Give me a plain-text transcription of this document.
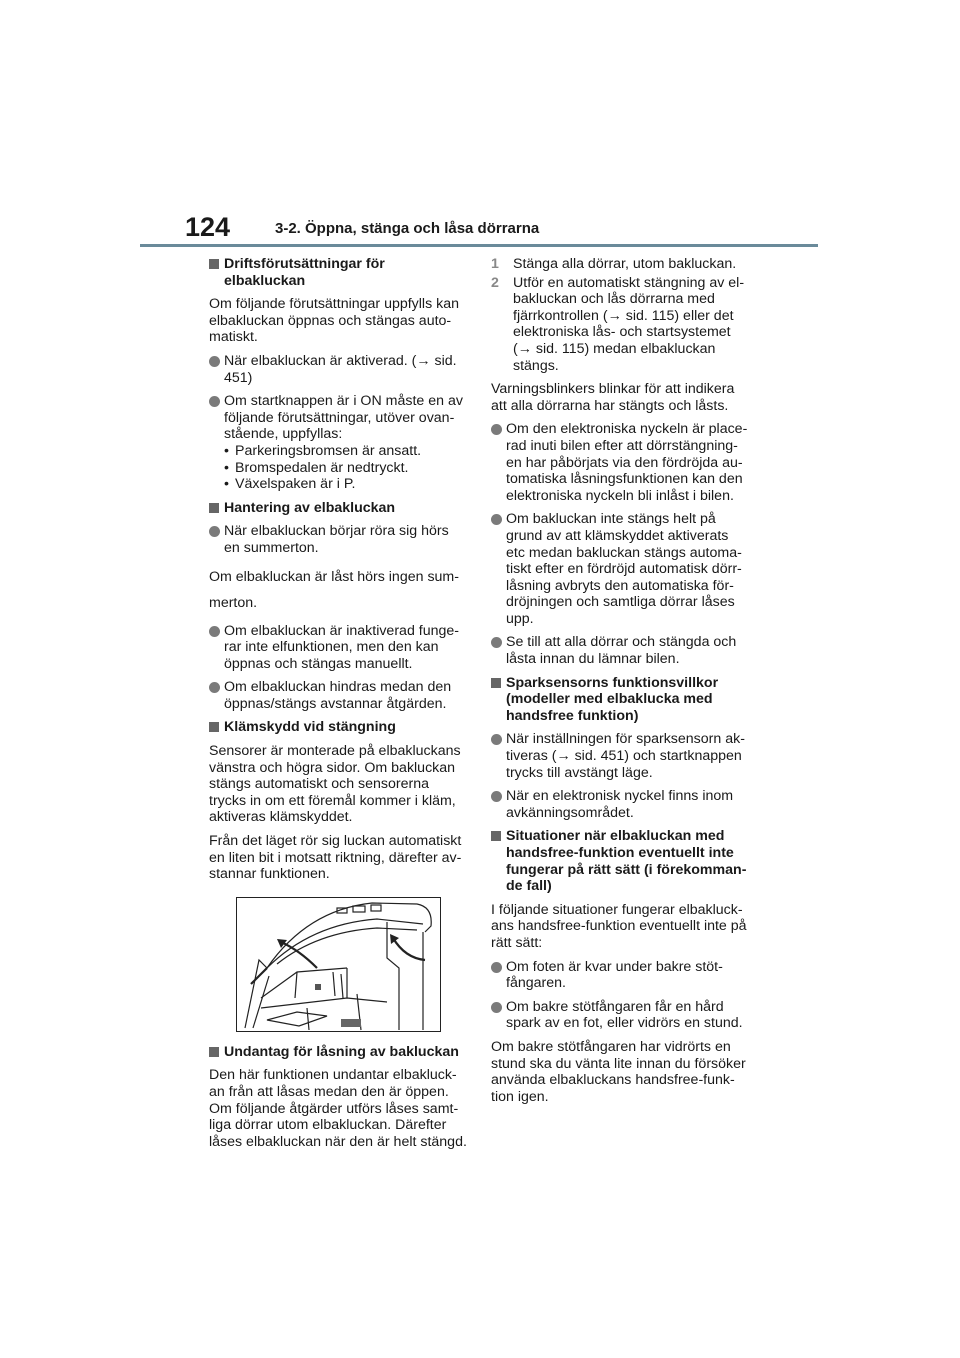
124	3-2. Öppna, stänga och låsa dörrarna
Driftsförutsättningar för elbakluckan

Om följande förutsättningar uppfylls kan elbakluckan öppnas och stängas auto-matiskt.

När elbakluckan är aktiverad. (→ sid. 451)
Om startknappen är i ON måste en av följande förutsättningar, utöver ovan-stående, uppfyllas:
• Parkeringsbromsen är ansatt.
• Bromspedalen är nedtryckt.
• Växelspaken är i P.
Hantering av elbakluckan
När elbakluckan börjar röra sig hörs en summerton.

Om elbakluckan är låst hörs ingen sum-merton.

Om elbakluckan är inaktiverad funge-rar inte elfunktionen, men den kan öppnas och stängas manuellt.
Om elbakluckan hindras medan den öppnas/stängs avstannar åtgärden.
Klämskydd vid stängning

Sensorer är monterade på elbakluckans vänstra och högra sidor. Om bakluckan stängs automatiskt och sensorerna trycks in om ett föremål kommer i kläm, aktiveras klämskyddet.

Från det läget rör sig luckan automatiskt en liten bit i motsatt riktning, därefter av-stannar funktionen.

Undantag för låsning av bakluckan

Den här funktionen undantar elbakluck-an från att låsas medan den är öppen. Om följande åtgärder utförs låses samt-liga dörrar utom elbakluckan. Därefter låses elbakluckan när den är helt stängd.

1 Stänga alla dörrar, utom bakluckan.
2 Utför en automatiskt stängning av el-bakluckan och lås dörrarna med fjärrkontrollen (→ sid. 115) eller det elektroniska lås- och startsystemet (→ sid. 115) medan elbakluckan stängs.

Varningsblinkers blinkar för att indikera att alla dörrarna har stängts och låsts.

Om den elektroniska nyckeln är place-rad inuti bilen efter att dörrstängning-en har påbörjats via den fördröjda au-tomatiska låsningsfunktionen kan den elektroniska nyckeln bli inlåst i bilen.
Om bakluckan inte stängs helt på grund av att klämskyddet aktiverats etc medan bakluckan stängs automa-tiskt efter en fördröjd automatisk dörr-låsning avbryts den automatiska för-dröjningen och samtliga dörrar låses upp.
Se till att alla dörrar och stängda och låsta innan du lämnar bilen.
Sparksensorns funktionsvillkor (modeller med elbaklucka med handsfree funktion)
När inställningen för sparksensorn ak-tiveras (→ sid. 451) och startknappen trycks till avstängt läge.
När en elektronisk nyckel finns inom avkänningsområdet.
Situationer när elbakluckan med handsfree-funktion eventuellt inte fungerar på rätt sätt (i förekomman-de fall)

I följande situationer fungerar elbakluck-ans handsfree-funktion eventuellt inte på rätt sätt:

Om foten är kvar under bakre stöt-fångaren.
Om bakre stötfångaren får en hård spark av en fot, eller vidrörs en stund.

Om bakre stötfångaren har vidrörts en stund ska du vänta lite innan du försöker använda elbakluckans handsfree-funk-tion igen.
